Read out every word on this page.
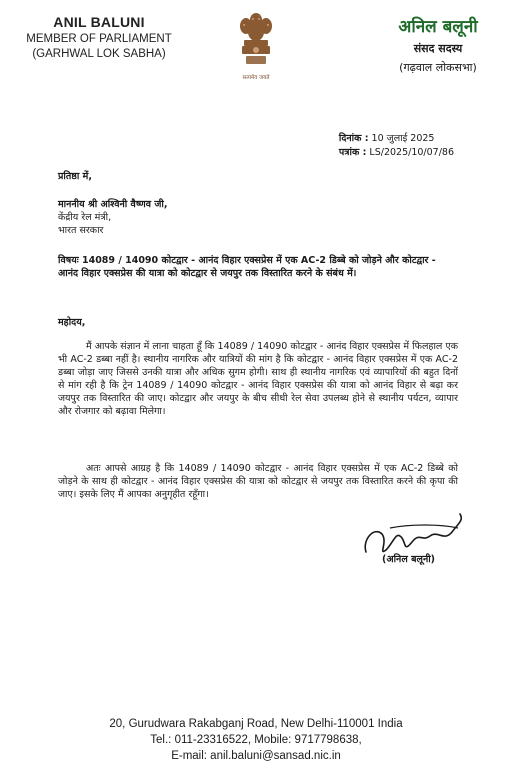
ANIL BALUNI
MEMBER OF PARLIAMENT
(GARHWAL LOK SABHA)
सत्यमेव जयते
अनिल बलूनी
संसद सदस्य
(गढ़वाल लोकसभा)
दिनांक : 10 जुलाई 2025
पत्रांक : LS/2025/10/07/86
प्रतिष्ठा में,
माननीय श्री अश्विनी वैष्णव जी,
केंद्रीय रेल मंत्री,
भारत सरकार
विषयः 14089 / 14090 कोटद्वार - आनंद विहार एक्सप्रेस में एक AC-2 डिब्बे को जोड़ने और कोटद्वार - आनंद विहार एक्सप्रेस की यात्रा को कोटद्वार से जयपुर तक विस्तारित करने के संबंध में।
महोदय,
मैं आपके संज्ञान में लाना चाहता हूँ कि 14089 / 14090 कोटद्वार - आनंद विहार एक्सप्रेस में फिलहाल एक भी AC-2 डब्बा नहीं है। स्थानीय नागरिक और यात्रियों की मांग है कि कोटद्वार - आनंद विहार एक्सप्रेस में एक AC-2 डब्बा जोड़ा जाए जिससे उनकी यात्रा और अधिक सुगम होगी। साथ ही स्थानीय नागरिक एवं व्यापारियों की बहुत दिनों से मांग रही है कि ट्रेन 14089 / 14090 कोटद्वार - आनंद विहार एक्सप्रेस की यात्रा को आनंद विहार से बढ़ा कर जयपुर तक विस्तारित की जाए। कोटद्वार और जयपुर के बीच सीधी रेल सेवा उपलब्ध होने से स्थानीय पर्यटन, व्यापार और रोजगार को बढ़ावा मिलेगा।
अतः आपसे आग्रह है कि 14089 / 14090 कोटद्वार - आनंद विहार एक्सप्रेस में एक AC-2 डिब्बे को जोड़ने के साथ ही कोटद्वार - आनंद विहार एक्सप्रेस की यात्रा को कोटद्वार से जयपुर तक विस्तारित करने की कृपा की जाए। इसके लिए मैं आपका अनुगृहीत रहूँगा।
(अनिल बलूनी)
20, Gurudwara Rakabganj Road, New Delhi-110001 India
Tel.: 011-23316522, Mobile: 9717798638,
E-mail: anil.baluni@sansad.nic.in
